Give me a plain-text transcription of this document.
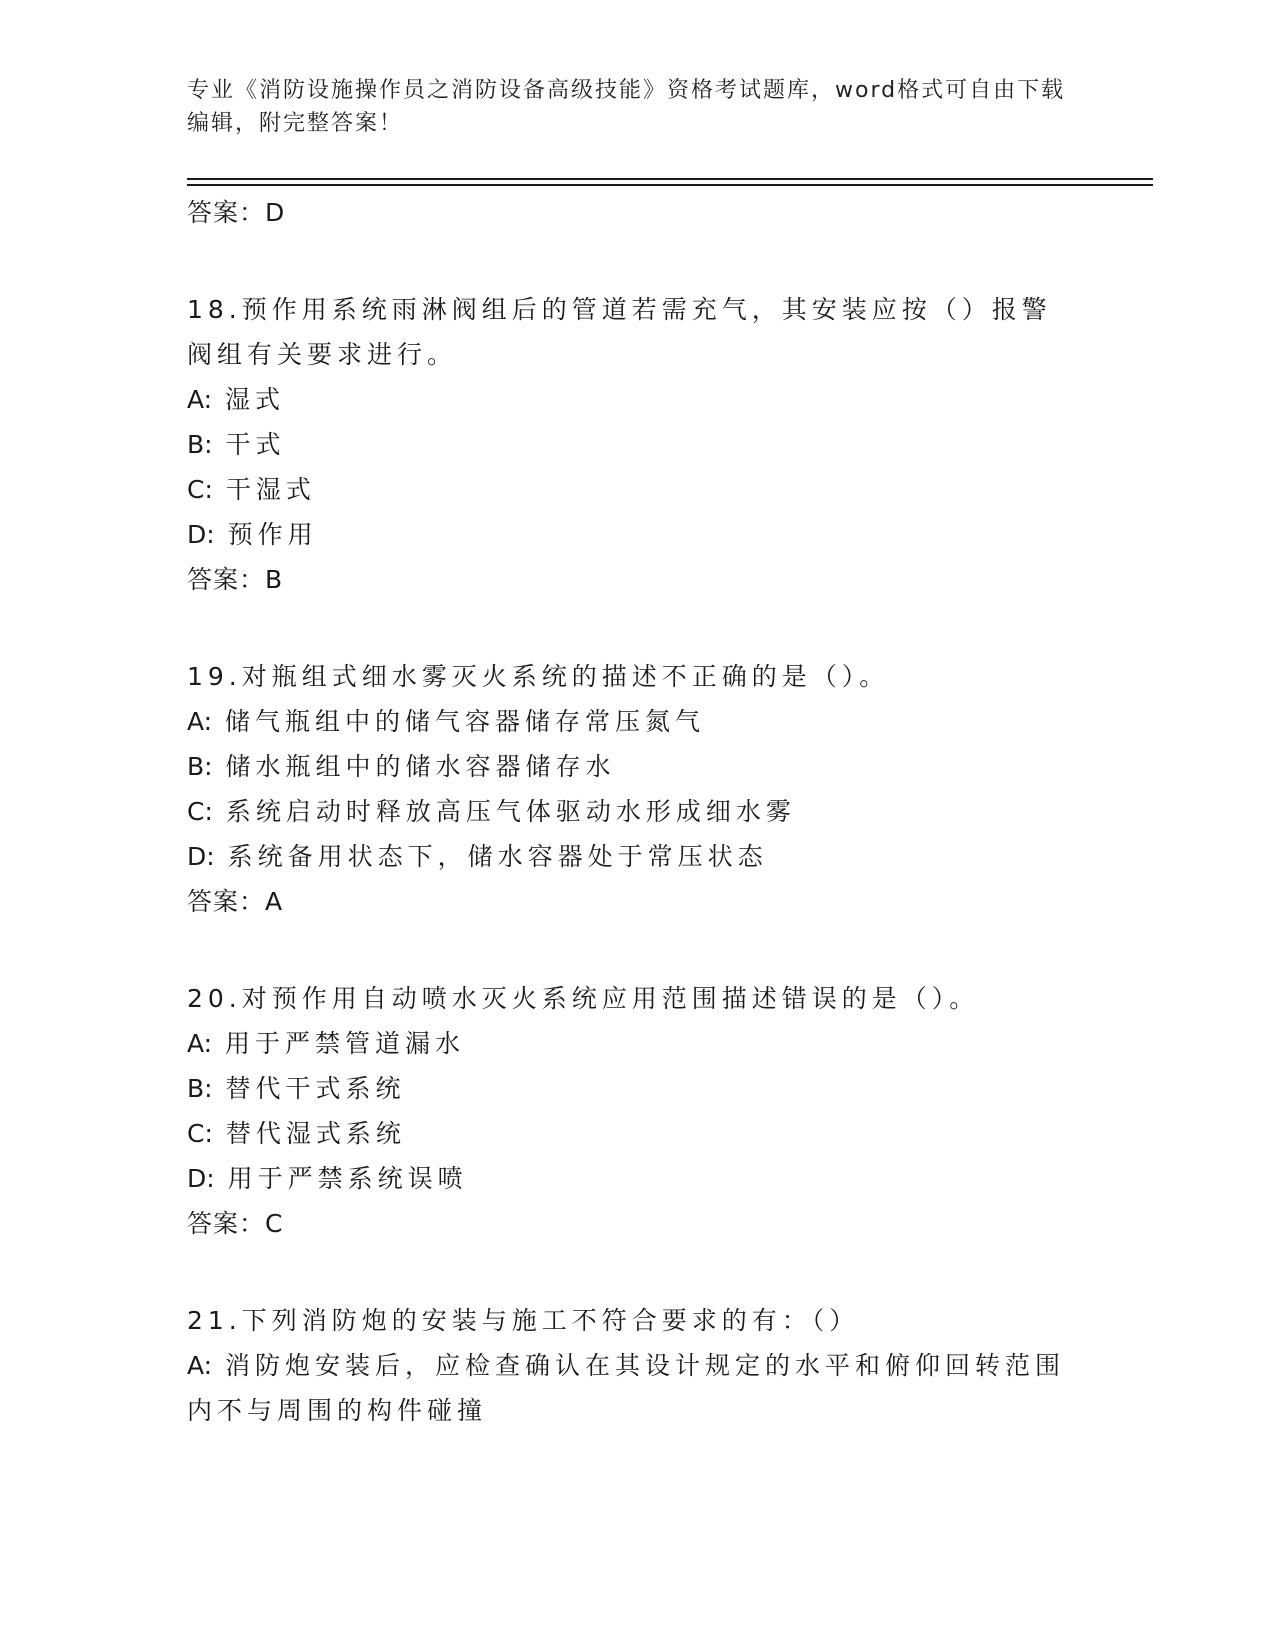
专业《消防设施操作员之消防设备高级技能》资格考试题库，word格式可自由下载编辑，附完整答案！

答案：D

18.预作用系统雨淋阀组后的管道若需充气，其安装应按（）报警阀组有关要求进行。

A: 湿式

B: 干式

C: 干湿式

D: 预作用

答案：B

19.对瓶组式细水雾灭火系统的描述不正确的是（）。

A: 储气瓶组中的储气容器储存常压氮气

B: 储水瓶组中的储水容器储存水

C: 系统启动时释放高压气体驱动水形成细水雾

D: 系统备用状态下，储水容器处于常压状态

答案：A

20.对预作用自动喷水灭火系统应用范围描述错误的是（）。

A: 用于严禁管道漏水

B: 替代干式系统

C: 替代湿式系统

D: 用于严禁系统误喷

答案：C

21.下列消防炮的安装与施工不符合要求的有：（）

A: 消防炮安装后，应检查确认在其设计规定的水平和俯仰回转范围内不与周围的构件碰撞
